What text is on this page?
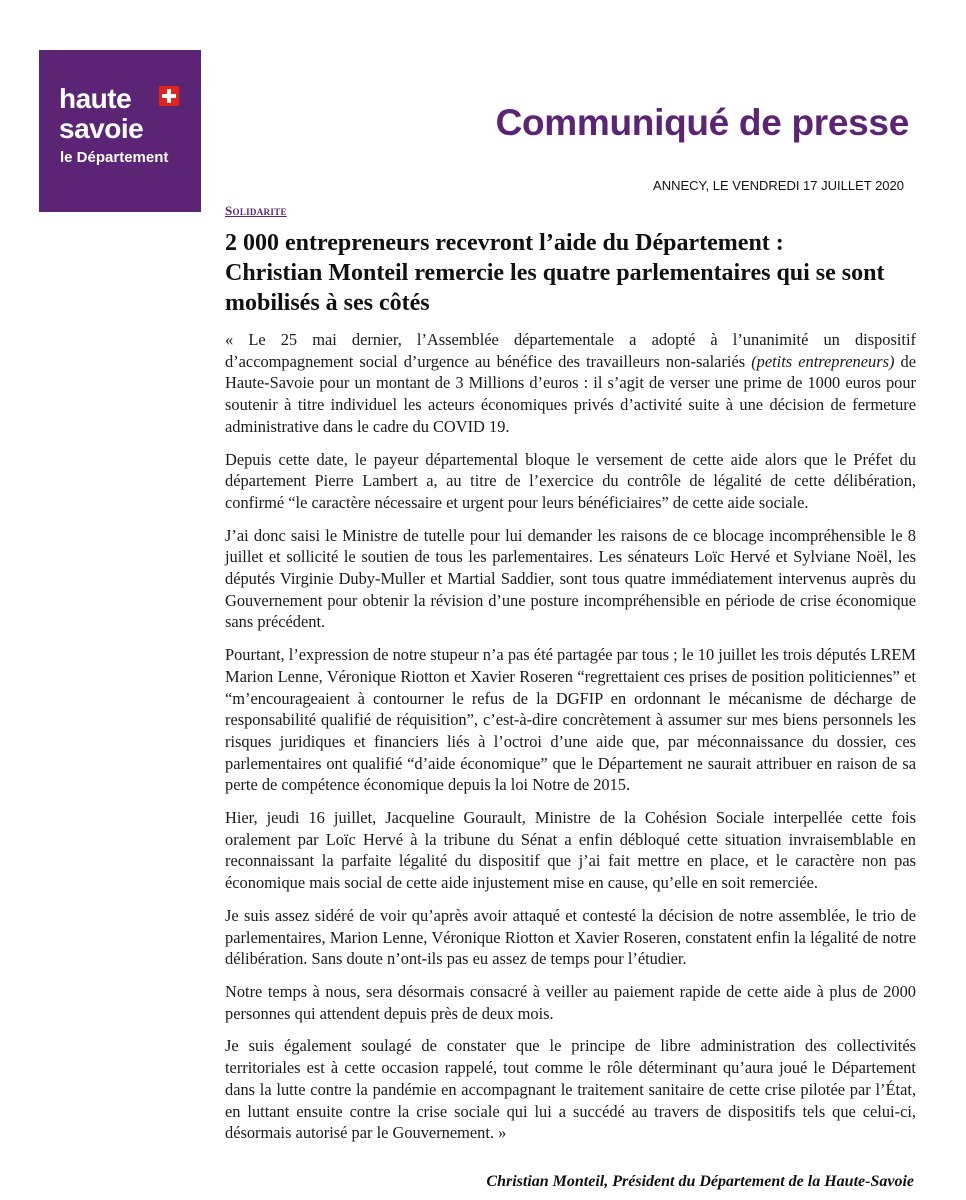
haute
savoie
le Département
Communiqué de presse
ANNECY, LE VENDREDI 17 JUILLET 2020
Solidarite
2 000 entrepreneurs recevront l’aide du Département : Christian Monteil remercie les quatre parlementaires qui se sont mobilisés à ses côtés

« Le 25 mai dernier, l’Assemblée départementale a adopté à l’unanimité un dispositif d’accompagnement social d’urgence au bénéfice des travailleurs non-salariés (petits entrepreneurs) de Haute-Savoie pour un montant de 3 Millions d’euros : il s’agit de verser une prime de 1000 euros pour soutenir à titre individuel les acteurs économiques privés d’activité suite à une décision de fermeture administrative dans le cadre du COVID 19.

Depuis cette date, le payeur départemental bloque le versement de cette aide alors que le Préfet du département Pierre Lambert a, au titre de l’exercice du contrôle de légalité de cette délibération, confirmé “le caractère nécessaire et urgent pour leurs bénéficiaires” de cette aide sociale.

J’ai donc saisi le Ministre de tutelle pour lui demander les raisons de ce blocage incompréhensible le 8 juillet et sollicité le soutien de tous les parlementaires. Les sénateurs Loïc Hervé et Sylviane Noël, les députés Virginie Duby-Muller et Martial Saddier, sont tous quatre immédiatement intervenus auprès du Gouvernement pour obtenir la révision d’une posture incompréhensible en période de crise économique sans précédent.

Pourtant, l’expression de notre stupeur n’a pas été partagée par tous ; le 10 juillet les trois députés LREM Marion Lenne, Véronique Riotton et Xavier Roseren “regrettaient ces prises de position politiciennes” et “m’encourageaient à contourner le refus de la DGFIP en ordonnant le mécanisme de décharge de responsabilité qualifié de réquisition”, c’est-à-dire concrètement à assumer sur mes biens personnels les risques juridiques et financiers liés à l’octroi d’une aide que, par méconnaissance du dossier, ces parlementaires ont qualifié “d’aide économique” que le Département ne saurait attribuer en raison de sa perte de compétence économique depuis la loi Notre de 2015.

Hier, jeudi 16 juillet, Jacqueline Gourault, Ministre de la Cohésion Sociale interpellée cette fois oralement par Loïc Hervé à la tribune du Sénat a enfin débloqué cette situation invraisemblable en reconnaissant la parfaite légalité du dispositif que j’ai fait mettre en place, et le caractère non pas économique mais social de cette aide injustement mise en cause, qu’elle en soit remerciée.

Je suis assez sidéré de voir qu’après avoir attaqué et contesté la décision de notre assemblée, le trio de parlementaires, Marion Lenne, Véronique Riotton et Xavier Roseren, constatent enfin la légalité de notre délibération. Sans doute n’ont-ils pas eu assez de temps pour l’étudier.

Notre temps à nous, sera désormais consacré à veiller au paiement rapide de cette aide à plus de 2000 personnes qui attendent depuis près de deux mois.

Je suis également soulagé de constater que le principe de libre administration des collectivités territoriales est à cette occasion rappelé, tout comme le rôle déterminant qu’aura joué le Département dans la lutte contre la pandémie en accompagnant le traitement sanitaire de cette crise pilotée par l’État, en luttant ensuite contre la crise sociale qui lui a succédé au travers de dispositifs tels que celui-ci, désormais autorisé par le Gouvernement. »

Christian Monteil, Président du Département de la Haute-Savoie
